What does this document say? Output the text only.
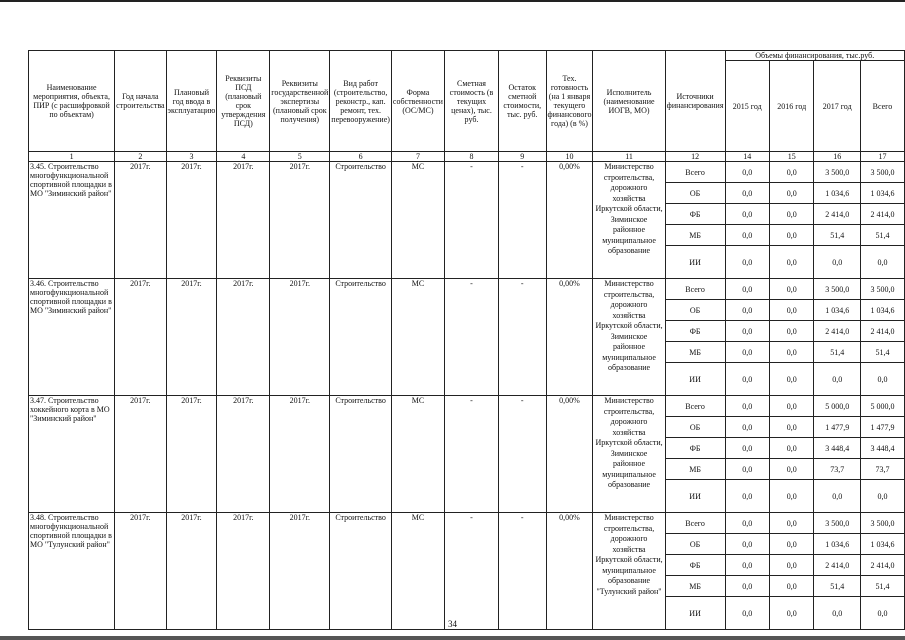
Наименование мероприятия, объекта, ПИР (с расшифровкой по объектам)	Год начала строительства	Плановый год ввода в эксплуатацию	Реквизиты ПСД (плановый срок утверждения ПСД)	Реквизиты государственной экспертизы (плановый срок получения)	Вид работ (строительство, реконстр., кап. ремонт, тех. перевооружение)	Форма собственности (ОС/МС)	Сметная стоимость (в текущих ценах), тыс. руб.	Остаток сметной стоимости, тыс. руб.	Тех. готовность (на 1 января текущего финансового года) (в %)	Исполнитель (наименование ИОГВ, МО)	Источники финансирования	Объемы финансирования, тыс.руб.			
												2015 год	2016 год	2017 год	Всего
1	2	3	4	5	6	7	8	9	10	11	12	14	15	16	17
3.45. Строительство многофункциональной спортивной площадки в МО "Зиминский район"	2017г.	2017г.	2017г.	2017г.	Строительство	МС	-	-	0,00%	Министерство строительства, дорожного хозяйства Иркутской области, Зиминское районное муниципальное образование	Всего	0,0	0,0	3 500,0	3 500,0
											ОБ	0,0	0,0	1 034,6	1 034,6
											ФБ	0,0	0,0	2 414,0	2 414,0
											МБ	0,0	0,0	51,4	51,4
											ИИ	0,0	0,0	0,0	0,0
3.46. Строительство многофункциональной спортивной площадки в МО "Зиминский район"	2017г.	2017г.	2017г.	2017г.	Строительство	МС	-	-	0,00%	Министерство строительства, дорожного хозяйства Иркутской области, Зиминское районное муниципальное образование	Всего	0,0	0,0	3 500,0	3 500,0
											ОБ	0,0	0,0	1 034,6	1 034,6
											ФБ	0,0	0,0	2 414,0	2 414,0
											МБ	0,0	0,0	51,4	51,4
											ИИ	0,0	0,0	0,0	0,0
3.47. Строительство хоккейного корта в МО "Зиминский район"	2017г.	2017г.	2017г.	2017г.	Строительство	МС	-	-	0,00%	Министерство строительства, дорожного хозяйства Иркутской области, Зиминское районное муниципальное образование	Всего	0,0	0,0	5 000,0	5 000,0
											ОБ	0,0	0,0	1 477,9	1 477,9
											ФБ	0,0	0,0	3 448,4	3 448,4
											МБ	0,0	0,0	73,7	73,7
											ИИ	0,0	0,0	0,0	0,0
3.48. Строительство многофункциональной спортивной площадки в МО "Тулунский район"	2017г.	2017г.	2017г.	2017г.	Строительство	МС	-	-	0,00%	Министерство строительства, дорожного хозяйства Иркутской области, муниципальное образование "Тулунский район"	Всего	0,0	0,0	3 500,0	3 500,0
											ОБ	0,0	0,0	1 034,6	1 034,6
											ФБ	0,0	0,0	2 414,0	2 414,0
											МБ	0,0	0,0	51,4	51,4
											ИИ	0,0	0,0	0,0	0,0
34
